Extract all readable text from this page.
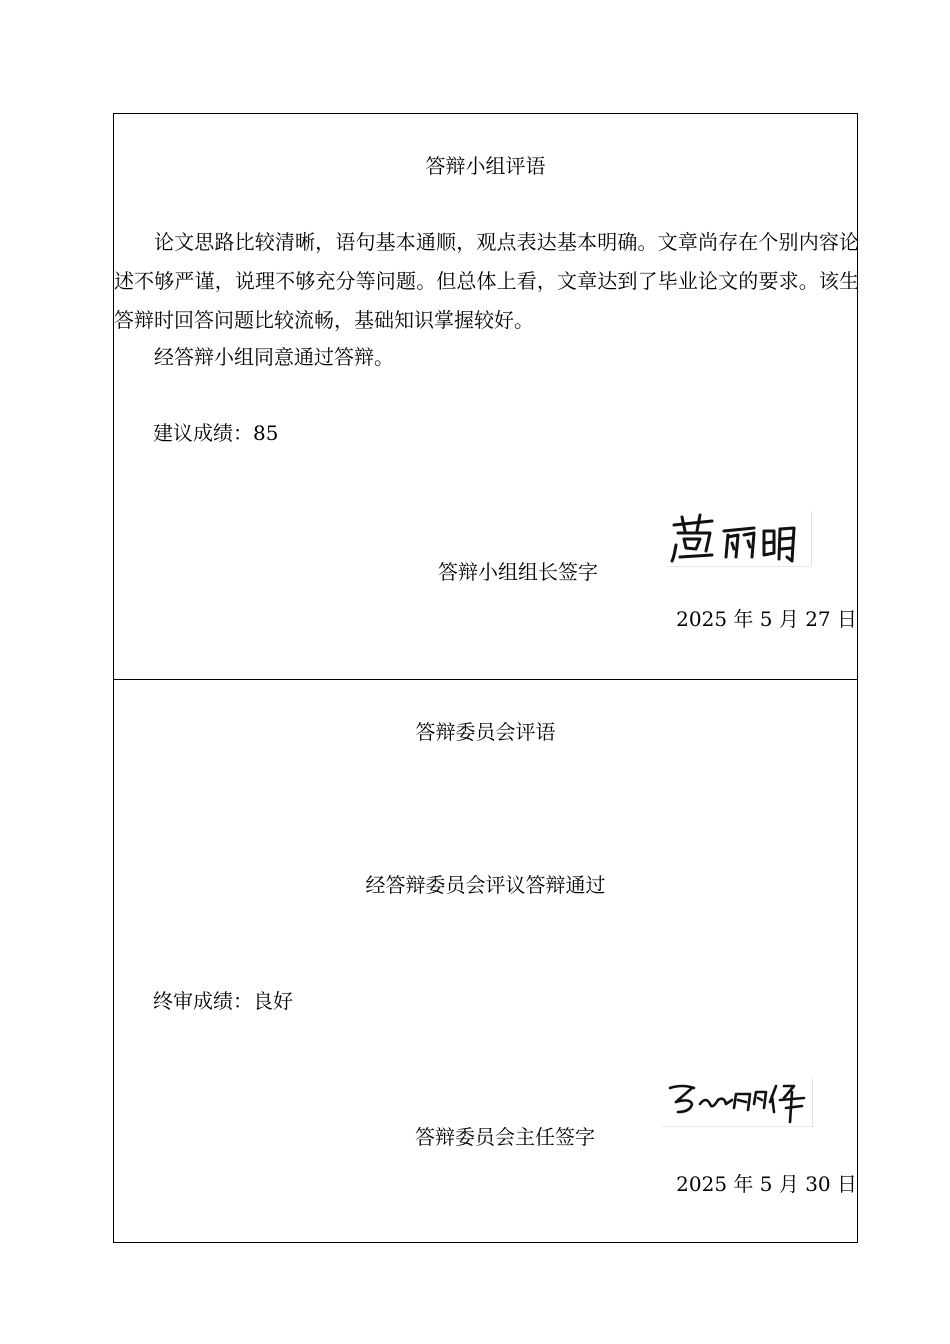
答辩小组评语

论文思路比较清晰，语句基本通顺，观点表达基本明确。文章尚存在个别内容论述不够严谨，说理不够充分等问题。但总体上看，文章达到了毕业论文的要求。该生答辩时回答问题比较流畅，基础知识掌握较好。

经答辩小组同意通过答辩。

建议成绩：85
答辩小组组长签字
2025 年 5 月 27 日
答辩委员会评语
经答辩委员会评议答辩通过
终审成绩：良好
答辩委员会主任签字
2025 年 5 月 30 日
